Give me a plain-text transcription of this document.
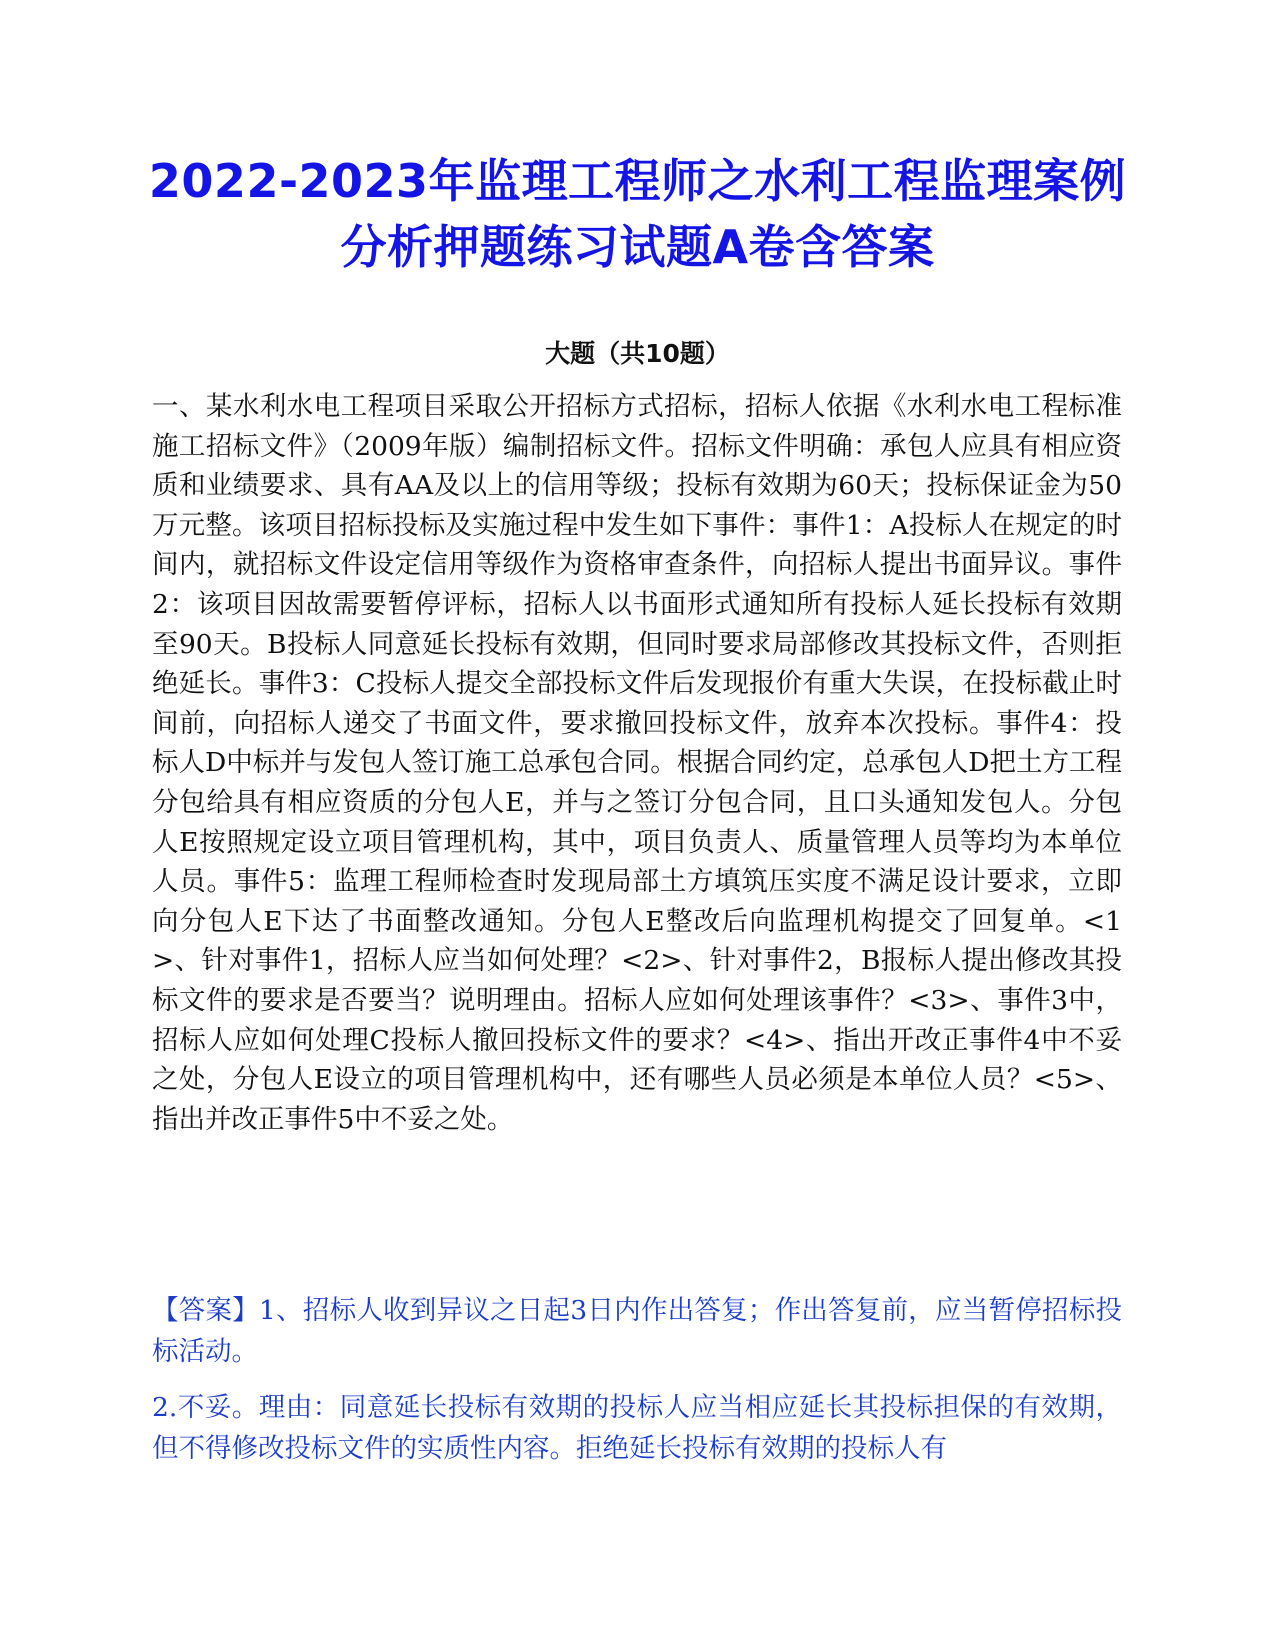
2022-2023年监理工程师之水利工程监理案例分析押题练习试题A卷含答案
大题（共10题）

一、某水利水电工程项目采取公开招标方式招标，招标人依据《水利水电工程标准施工招标文件》（2009年版）编制招标文件。招标文件明确：承包人应具有相应资质和业绩要求、具有AA及以上的信用等级；投标有效期为60天；投标保证金为50万元整。该项目招标投标及实施过程中发生如下事件：事件1：A投标人在规定的时间内，就招标文件设定信用等级作为资格审查条件，向招标人提出书面异议。事件2：该项目因故需要暂停评标，招标人以书面形式通知所有投标人延长投标有效期至90天。B投标人同意延长投标有效期，但同时要求局部修改其投标文件，否则拒绝延长。事件3：C投标人提交全部投标文件后发现报价有重大失误，在投标截止时间前，向招标人递交了书面文件，要求撤回投标文件，放弃本次投标。事件4：投标人D中标并与发包人签订施工总承包合同。根据合同约定，总承包人D把土方工程分包给具有相应资质的分包人E，并与之签订分包合同，且口头通知发包人。分包人E按照规定设立项目管理机构，其中，项目负责人、质量管理人员等均为本单位人员。事件5：监理工程师检查时发现局部土方填筑压实度不满足设计要求，立即向分包人E下达了书面整改通知。分包人E整改后向监理机构提交了回复单。<1>、针对事件1，招标人应当如何处理？<2>、针对事件2，B报标人提出修改其投标文件的要求是否要当？说明理由。招标人应如何处理该事件？<3>、事件3中，招标人应如何处理C投标人撤回投标文件的要求？<4>、指出开改正事件4中不妥之处，分包人E设立的项目管理机构中，还有哪些人员必须是本单位人员？<5>、指出并改正事件5中不妥之处。

【答案】1、招标人收到异议之日起3日内作出答复；作出答复前，应当暂停招标投标活动。

2.不妥。理由：同意延长投标有效期的投标人应当相应延长其投标担保的有效期，但不得修改投标文件的实质性内容。拒绝延长投标有效期的投标人有
